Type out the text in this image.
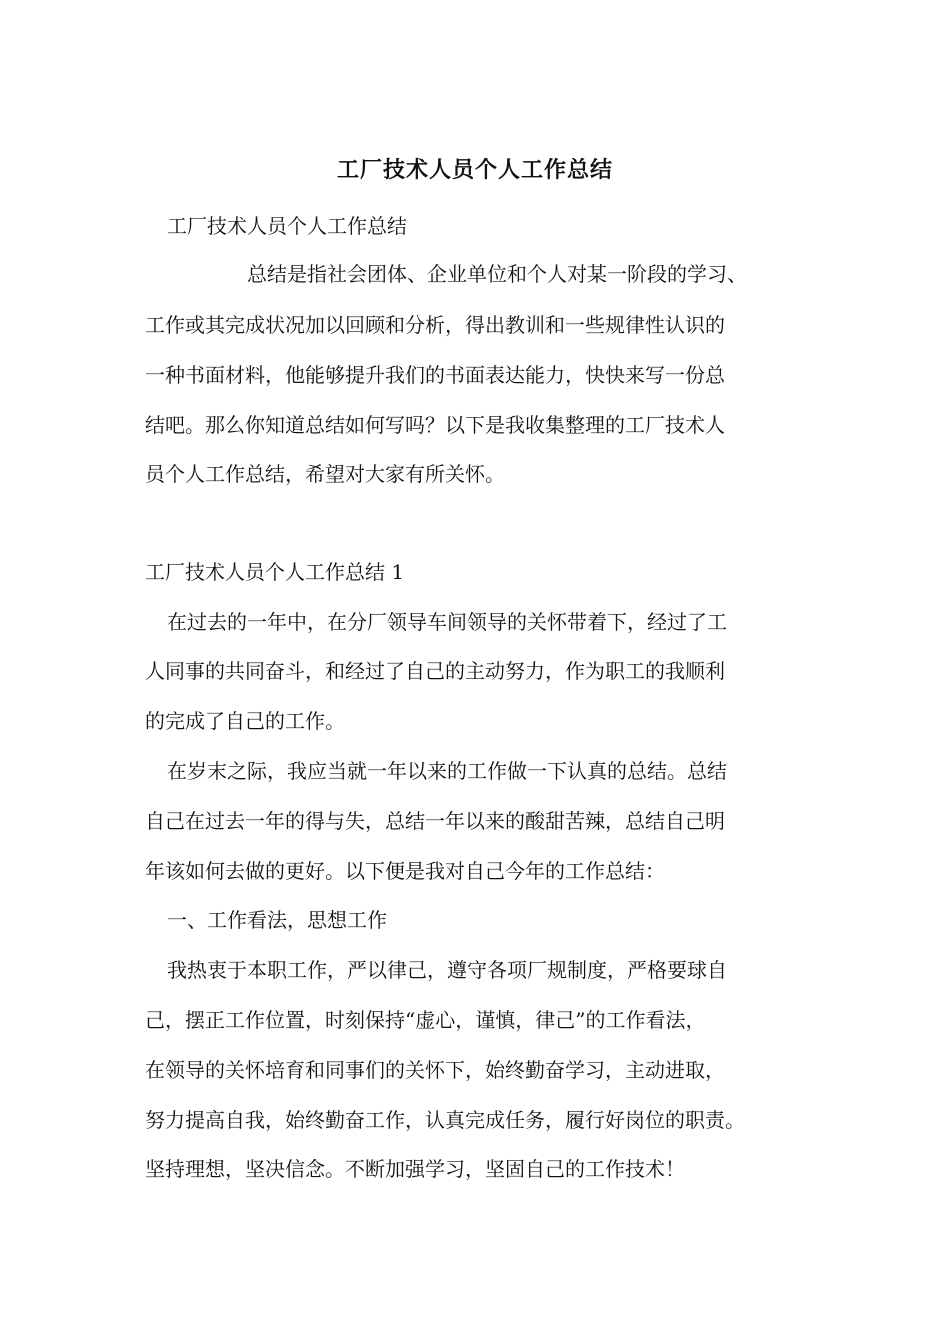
工厂技术人员个人工作总结
工厂技术人员个人工作总结
总结是指社会团体、企业单位和个人对某一阶段的学习、
工作或其完成状况加以回顾和分析，得出教训和一些规律性认识的
一种书面材料，他能够提升我们的书面表达能力，快快来写一份总
结吧。那么你知道总结如何写吗？以下是我收集整理的工厂技术人
员个人工作总结，希望对大家有所关怀。
工厂技术人员个人工作总结 1
在过去的一年中，在分厂领导车间领导的关怀带着下，经过了工
人同事的共同奋斗，和经过了自己的主动努力，作为职工的我顺利
的完成了自己的工作。
在岁末之际，我应当就一年以来的工作做一下认真的总结。总结
自己在过去一年的得与失，总结一年以来的酸甜苦辣，总结自己明
年该如何去做的更好。以下便是我对自己今年的工作总结：
一、工作看法，思想工作
我热衷于本职工作，严以律己，遵守各项厂规制度，严格要球自
己，摆正工作位置，时刻保持“虚心，谨慎，律己”的工作看法，
在领导的关怀培育和同事们的关怀下，始终勤奋学习，主动进取，
努力提高自我，始终勤奋工作，认真完成任务，履行好岗位的职责。
坚持理想，坚决信念。不断加强学习，坚固自己的工作技术！
